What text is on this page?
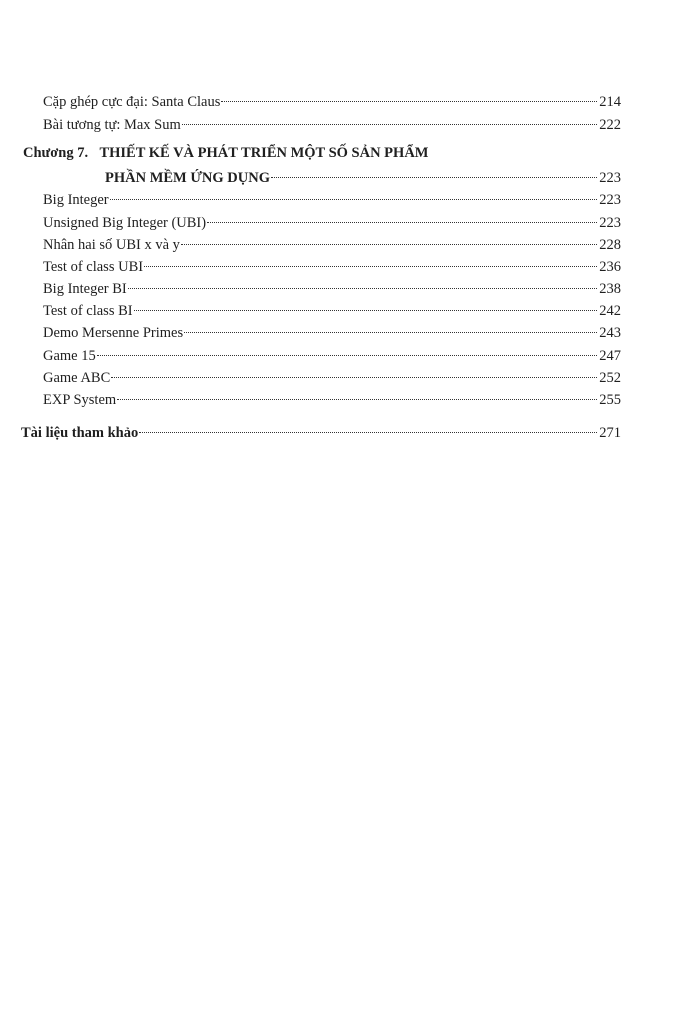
Cặp ghép cực đại: Santa Claus	214
Bài tương tự: Max Sum	222
Chương 7. THIẾT KẾ VÀ PHÁT TRIỂN MỘT SỐ SẢN PHẨM
PHẦN MỀM ỨNG DỤNG	223
Big Integer	223
Unsigned Big Integer (UBI)	223
Nhân hai số UBI x và y	228
Test of class UBI	236
Big Integer BI	238
Test of class BI	242
Demo Mersenne Primes	243
Game 15	247
Game ABC	252
EXP System	255
Tài liệu tham khảo	271
